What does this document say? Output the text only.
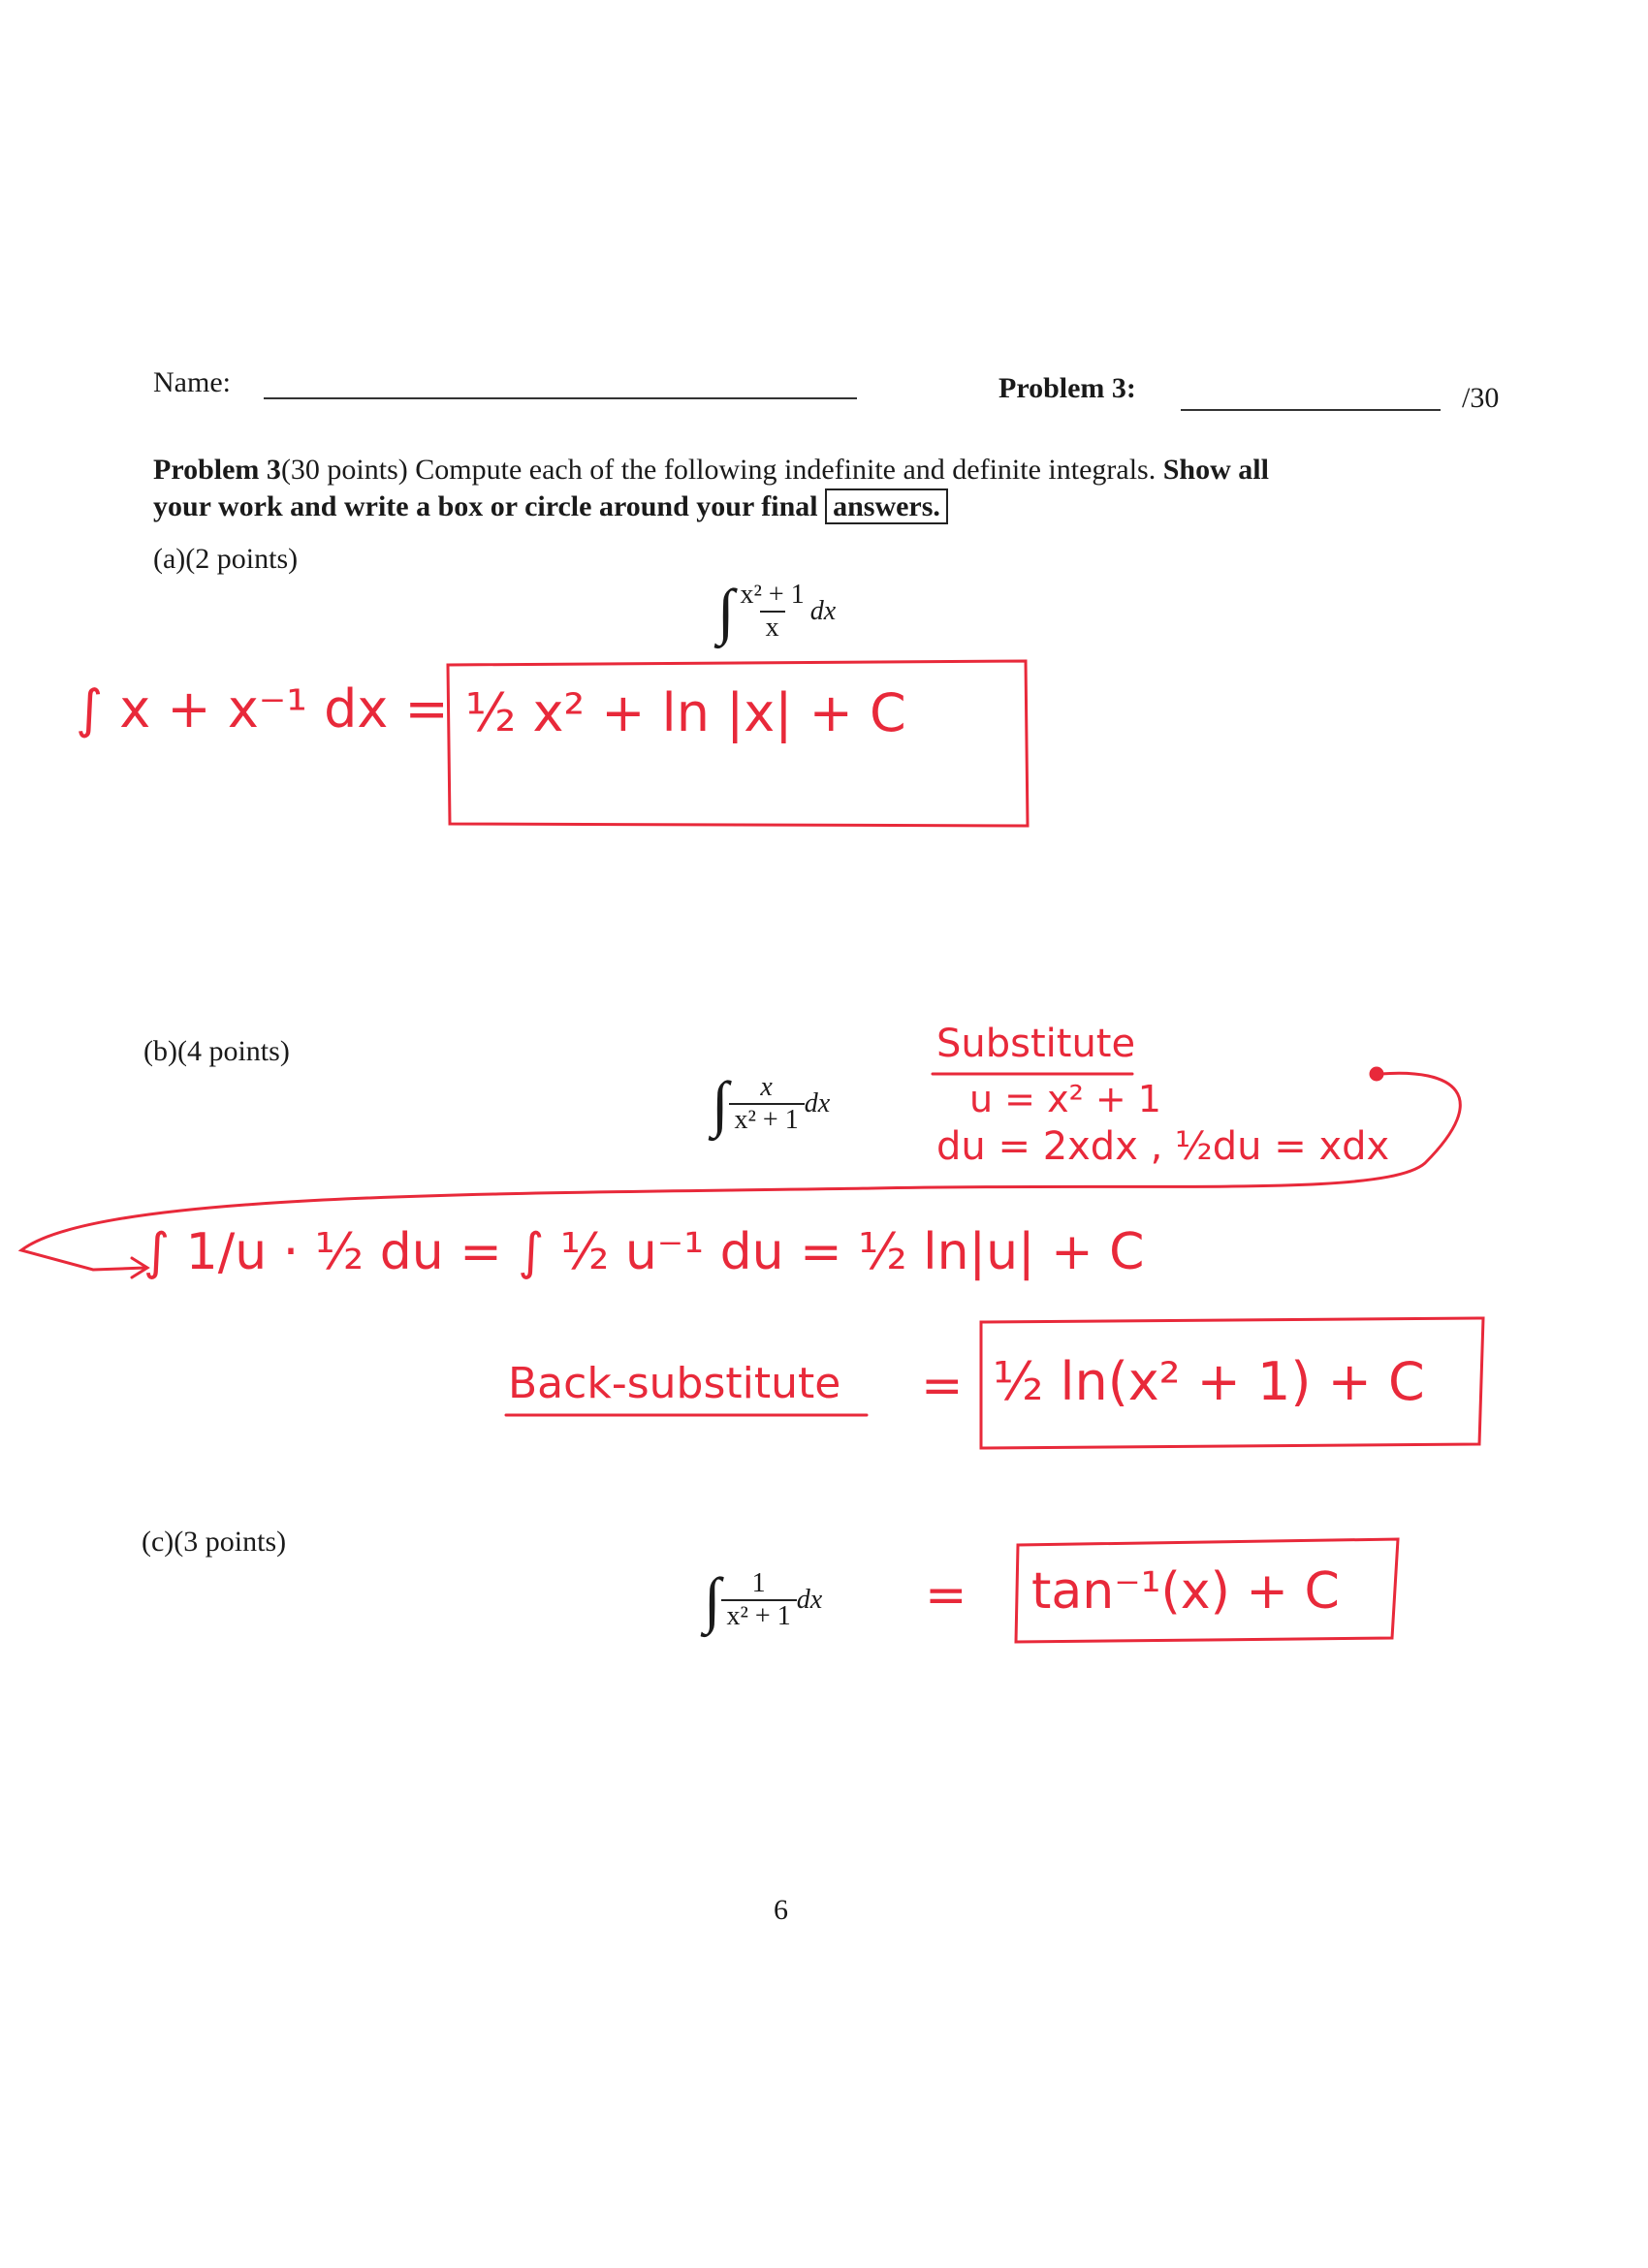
Name:	Problem 3:	/30
Problem 3(30 points) Compute each of the following indefinite and definite integrals. Show all
your work and write a box or circle around your final answers.
(a)(2 points)
∫ $\frac{\text{x² + 1}}{x}$ dx
∫ x + x⁻¹ dx = ½ x² + ln |x| + C
(b)(4 points)
∫ $\frac{x}{\text{x² + 1}}$ dx
Substitute
u = x² + 1
du = 2xdx , ½du = xdx
∫ 1/u · ½ du = ∫ ½ u⁻¹ du = ½ ln|u| + C
Back-substitute = ½ ln(x² + 1) + C
(c)(3 points)
∫ $\frac{1}{\text{x² + 1}}$ dx = tan⁻¹(x) + C
6
